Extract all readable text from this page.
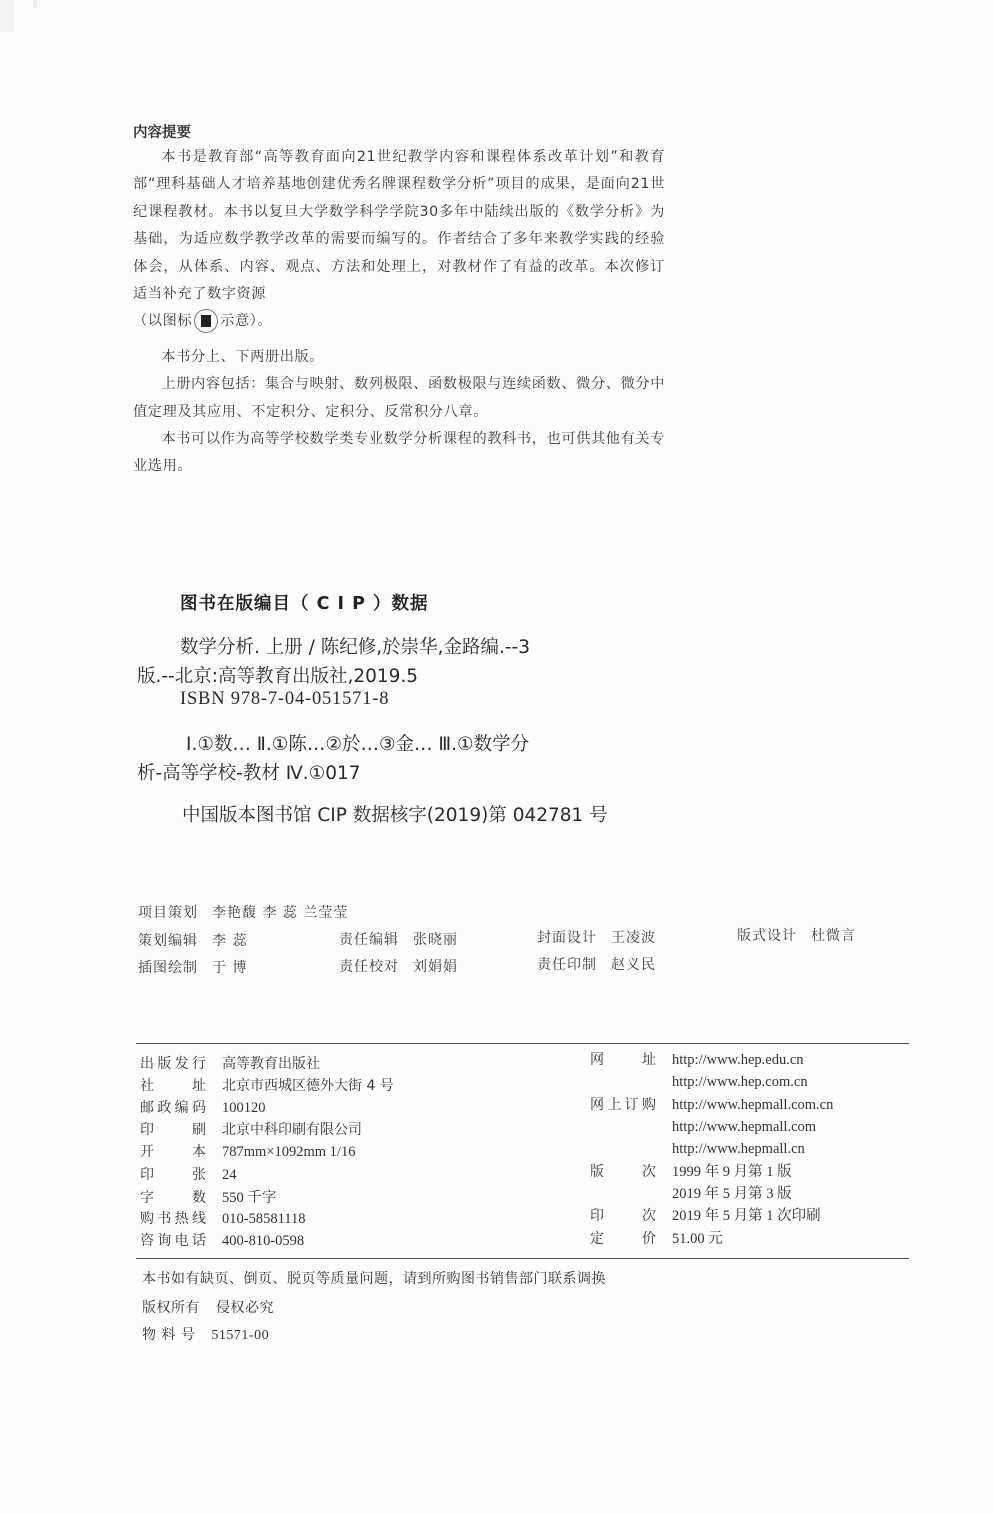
内容提要

本书是教育部“高等教育面向21世纪教学内容和课程体系改革计划”和教育部“理科基础人才培养基地创建优秀名牌课程数学分析”项目的成果，是面向21世纪课程教材。本书以复旦大学数学科学学院30多年中陆续出版的《数学分析》为基础，为适应数学教学改革的需要而编写的。作者结合了多年来教学实践的经验体会，从体系、内容、观点、方法和处理上，对教材作了有益的改革。本次修订适当补充了数字资源

（以图标 示意）。

本书分上、下两册出版。

上册内容包括：集合与映射、数列极限、函数极限与连续函数、微分、微分中值定理及其应用、不定积分、定积分、反常积分八章。

本书可以作为高等学校数学类专业数学分析课程的教科书，也可供其他有关专业选用。

图书在版编目（ C I P ）数据
数学分析. 上册 / 陈纪修,於崇华,金路编.--3
版.--北京:高等教育出版社,2019.5
ISBN 978-7-04-051571-8
Ⅰ.①数… Ⅱ.①陈…②於…③金… Ⅲ.①数学分
析-高等学校-教材 Ⅳ.①017
中国版本图书馆 CIP 数据核字(2019)第 042781 号
项目策划 李艳馥 李 蕊 兰莹莹
策划编辑 李 蕊
插图绘制 于 博
责任编辑 张晓丽
责任校对 刘娟娟
封面设计 王凌波
责任印制 赵义民
版式设计 杜微言
出版发行 高等教育出版社
社址 北京市西城区德外大街 4 号
邮政编码 100120
印刷 北京中科印刷有限公司
开本 787mm×1092mm 1/16
印张 24
字数 550 千字
购书热线 010-58581118
咨询电话 400-810-0598
网址 http://www.hep.edu.cn
http://www.hep.com.cn
网上订购 http://www.hepmall.com.cn
http://www.hepmall.com
http://www.hepmall.cn
版次 1999 年 9 月第 1 版
2019 年 5 月第 3 版
印次 2019 年 5 月第 1 次印刷
定价 51.00 元
本书如有缺页、倒页、脱页等质量问题，请到所购图书销售部门联系调换
版权所有 侵权必究
物 料 号 51571-00
